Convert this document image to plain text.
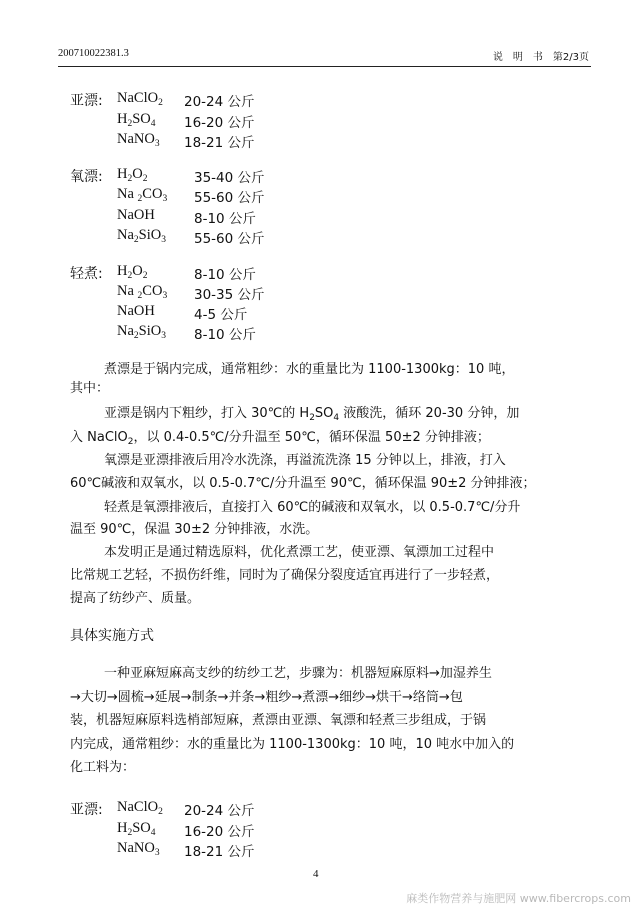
200710022381.3	说　明　书　第2/3页
亚漂: NaClO$_2$ 20-24 公斤
$H_2SO_4$ 16-20 公斤
NaNO$_3$ 18-21 公斤
氧漂: $H_2O_2$	35-40 公斤
Na $_2CO_3$ 55-60 公斤
NaOH	8-10 公斤
$Na_2SiO_3$ 55-60 公斤
轻煮: $H_2O_2$	8-10 公斤
Na $_2CO_3$ 30-35 公斤
NaOH	4-5 公斤
$Na_2SiO_3$ 8-10 公斤
煮漂是于锅内完成，通常粗纱：水的重量比为 1100-1300kg：10 吨，
其中：
亚漂是锅内下粗纱，打入 30℃的 $H_2SO_4$ 液酸洗，循环 20-30 分钟，加
入 NaClO$_2$，以 0.4-0.5℃/分升温至 50℃，循环保温 50±2 分钟排液；
氧漂是亚漂排液后用冷水洗涤，再溢流洗涤 15 分钟以上，排液，打入
60℃碱液和双氧水，以 0.5-0.7℃/分升温至 90℃，循环保温 90±2 分钟排液；
轻煮是氧漂排液后，直接打入 60℃的碱液和双氧水，以 0.5-0.7℃/分升
温至 90℃，保温 30±2 分钟排液，水洗。
本发明正是通过精选原料，优化煮漂工艺，使亚漂、氧漂加工过程中
比常规工艺轻，不损伤纤维，同时为了确保分裂度适宜再进行了一步轻煮，
提高了纺纱产、质量。
具体实施方式
一种亚麻短麻高支纱的纺纱工艺，步骤为：机器短麻原料→加湿养生
→大切→圆梳→延展→制条→并条→粗纱→煮漂→细纱→烘干→络筒→包
装，机器短麻原料选梢部短麻，煮漂由亚漂、氧漂和轻煮三步组成，于锅
内完成，通常粗纱：水的重量比为 1100-1300kg：10 吨，10 吨水中加入的
化工料为：
亚漂: NaClO$_2$ 20-24 公斤
$H_2SO_4$ 16-20 公斤
NaNO$_3$ 18-21 公斤
4
麻类作物营养与施肥网 www.fibercrops.com
